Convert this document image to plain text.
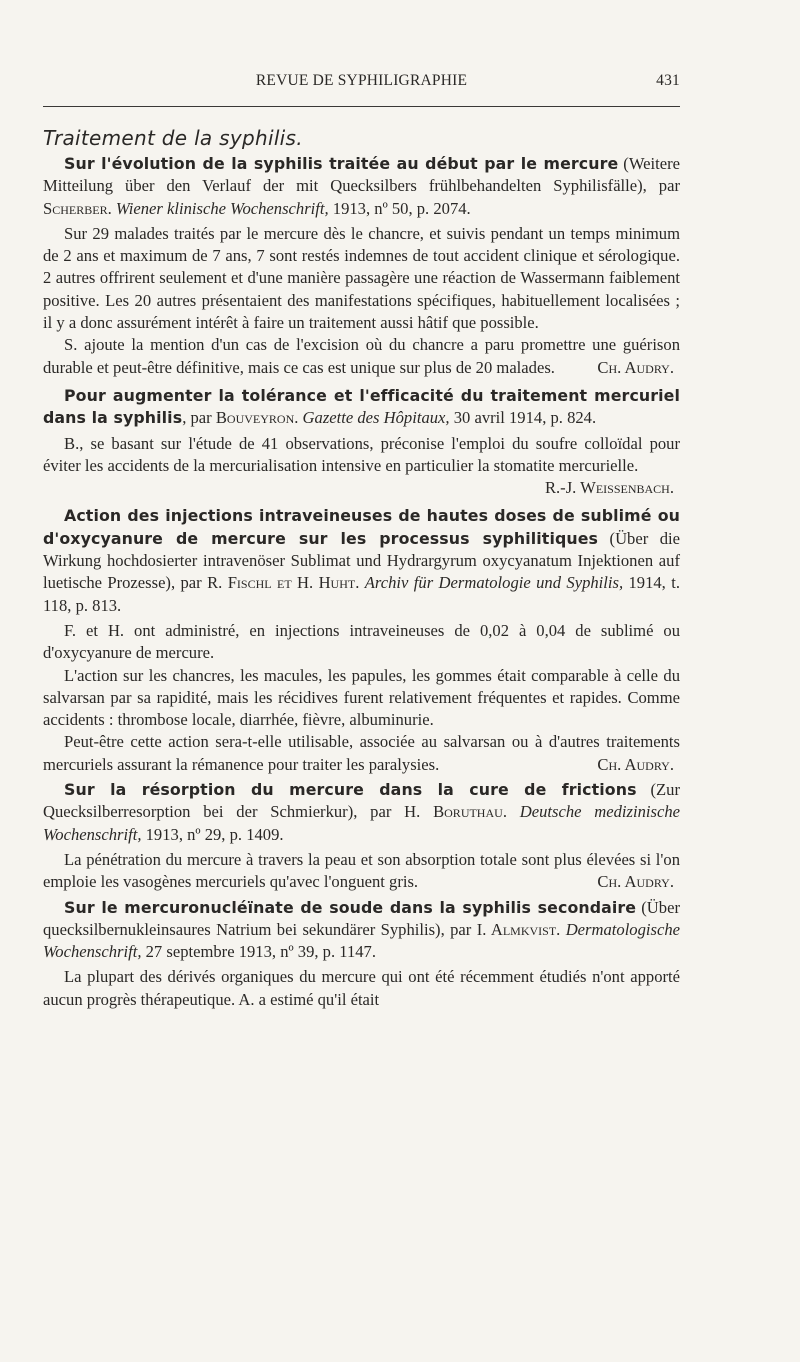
REVUE DE SYPHILIGRAPHIE	431
Traitement de la syphilis.

Sur l'évolution de la syphilis traitée au début par le mercure (Weitere Mitteilung über den Verlauf der mit Quecksilbers frühlbehandelten Syphilisfälle), par Scherber. Wiener klinische Wochenschrift, 1913, nº 50, p. 2074.

Sur 29 malades traités par le mercure dès le chancre, et suivis pendant un temps minimum de 2 ans et maximum de 7 ans, 7 sont restés indemnes de tout accident clinique et sérologique. 2 autres offrirent seulement et d'une manière passagère une réaction de Wassermann faiblement positive. Les 20 autres présentaient des manifestations spécifiques, habituellement localisées ; il y a donc assurément intérêt à faire un traitement aussi hâtif que possible.

S. ajoute la mention d'un cas de l'excision où du chancre a paru promettre une guérison durable et peut-être définitive, mais ce cas est unique sur plus de 20 malades.	Ch. Audry.

Pour augmenter la tolérance et l'efficacité du traitement mercuriel dans la syphilis, par Bouveyron. Gazette des Hôpitaux, 30 avril 1914, p. 824.

B., se basant sur l'étude de 41 observations, préconise l'emploi du soufre colloïdal pour éviter les accidents de la mercurialisation intensive en particulier la stomatite mercurielle.
R.-J. Weissenbach.

Action des injections intraveineuses de hautes doses de sublimé ou d'oxycyanure de mercure sur les processus syphilitiques (Über die Wirkung hochdosierter intravenöser Sublimat und Hydrargyrum oxycyanatum Injektionen auf luetische Prozesse), par R. Fischl et H. Huht. Archiv für Dermatologie und Syphilis, 1914, t. 118, p. 813.

F. et H. ont administré, en injections intraveineuses de 0,02 à 0,04 de sublimé ou d'oxycyanure de mercure.

L'action sur les chancres, les macules, les papules, les gommes était comparable à celle du salvarsan par sa rapidité, mais les récidives furent relativement fréquentes et rapides. Comme accidents : thrombose locale, diarrhée, fièvre, albuminurie.

Peut-être cette action sera-t-elle utilisable, associée au salvarsan ou à d'autres traitements mercuriels assurant la rémanence pour traiter les paralysies.	Ch. Audry.

Sur la résorption du mercure dans la cure de frictions (Zur Quecksilberresorption bei der Schmierkur), par H. Boruthau. Deutsche medizinische Wochenschrift, 1913, nº 29, p. 1409.

La pénétration du mercure à travers la peau et son absorption totale sont plus élevées si l'on emploie les vasogènes mercuriels qu'avec l'onguent gris.	Ch. Audry.

Sur le mercuronucléïnate de soude dans la syphilis secondaire (Über quecksilbernukleinsaures Natrium bei sekundärer Syphilis), par I. Almkvist. Dermatologische Wochenschrift, 27 septembre 1913, nº 39, p. 1147.

La plupart des dérivés organiques du mercure qui ont été récemment étudiés n'ont apporté aucun progrès thérapeutique. A. a estimé qu'il était
